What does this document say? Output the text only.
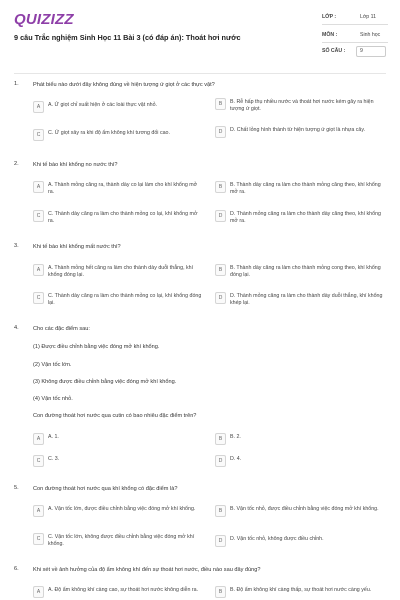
QUIZIZZ
9 câu Trắc nghiệm Sinh Học 11 Bài 3 (có đáp án): Thoát hơi nước
LỚP :	Lớp 11
MÔN :	Sinh học
SỐ CÂU :	9
1.	Phát biểu nào dưới đây không đúng về hiện tượng ứ giọt ở các thực vật?
A	A. Ứ giọt chỉ xuất hiện ở các loài thực vật nhỏ.	B	B. Rễ hấp thụ nhiều nước và thoát hơi nước kém gây ra hiện tượng ứ giọt.
C	C. Ứ giọt xảy ra khi độ ẩm không khí tương đối cao.	D	D. Chất lỏng hình thành từ hiện tượng ứ giọt là nhựa cây.
2.	Khi tế bào khí khổng no nước thì?
A	A. Thành mỏng căng ra, thành dày co lại làm cho khí khổng mở ra.
B	B. Thành dày căng ra làm cho thành mỏng căng theo, khí khổng mở ra.
C	C. Thành dày căng ra làm cho thành mỏng co lại, khí khổng mở ra.
D	D. Thành mỏng căng ra làm cho thành dày căng theo, khí khổng mở ra.
3.	Khi tế bào khí khổng mất nước thì?
A	A. Thành mỏng hết căng ra làm cho thành dày duỗi thẳng, khí khổng đóng lại.
B	B. Thành dày căng ra làm cho thành mỏng cong theo, khí khổng đóng lại.
C	C. Thành dày căng ra làm cho thành mỏng co lại, khí khổng đóng lại.
D	D. Thành mỏng căng ra làm cho thành dày duỗi thẳng, khí khổng khép lại.
4.	Cho các đặc điểm sau:
(1) Được điều chỉnh bằng việc đóng mở khí khổng.
(2) Vận tốc lớn.
(3) Không được điều chỉnh bằng việc đóng mở khí khổng.
(4) Vận tốc nhỏ.
Con đường thoát hơi nước qua cutin có bao nhiêu đặc điểm trên?
A	A. 1.	B	B. 2.
C	C. 3.	D	D. 4.
5.	Con đường thoát hơi nước qua khí khổng có đặc điểm là?
A	A. Vận tốc lớn, được điều chỉnh bằng việc đóng mở khí khổng.	B	B. Vận tốc nhỏ, được điều chỉnh bằng việc đóng mở khí khổng.
C	C. Vận tốc lớn, không được điều chỉnh bằng việc đóng mở khí khổng.	D	D. Vận tốc nhỏ, không được điều chỉnh.
6.	Khi xét về ảnh hưởng của độ ẩm không khí đến sự thoát hơi nước, điều nào sau đây đúng?
A	A. Độ ẩm không khí càng cao, sự thoát hơi nước không diễn ra.	B	B. Độ ẩm không khí càng thấp, sự thoát hơi nước càng yếu.
